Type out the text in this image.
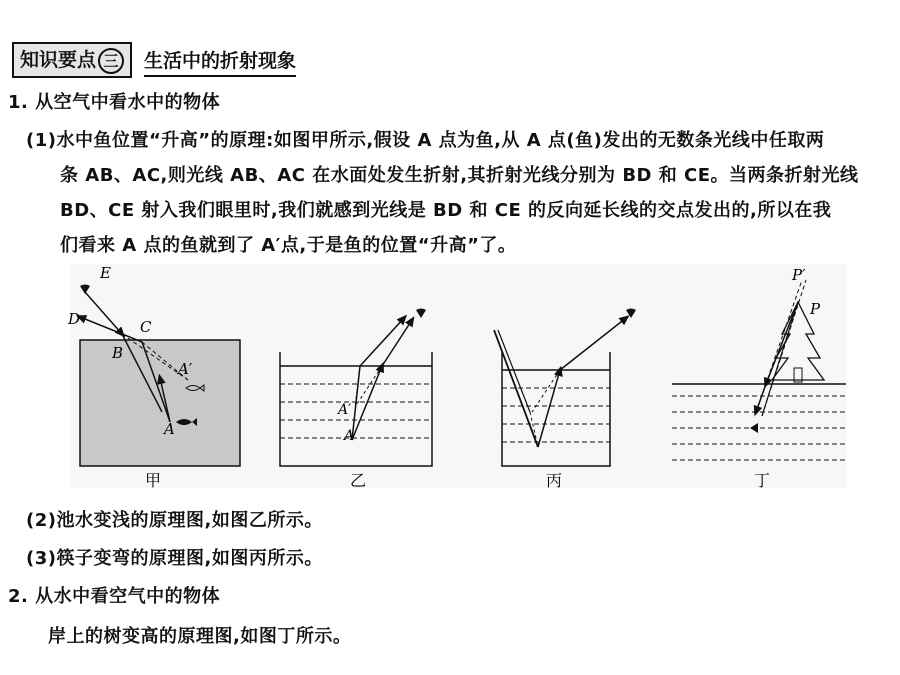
知识要点 三	生活中的折射现象
1. 从空气中看水中的物体
(1)水中鱼位置“升高”的原理:如图甲所示,假设 A 点为鱼,从 A 点(鱼)发出的无数条光线中任取两
条 AB、AC,则光线 AB、AC 在水面处发生折射,其折射光线分别为 BD 和 CE。当两条折射光线
BD、CE 射入我们眼里时,我们就感到光线是 BD 和 CE 的反向延长线的交点发出的,所以在我
们看来 A 点的鱼就到了 A′点,于是鱼的位置“升高”了。
E
D	C
B
A′
A
甲
A′
A
乙	丙
P′
P
丁
(2)池水变浅的原理图,如图乙所示。
(3)筷子变弯的原理图,如图丙所示。
2. 从水中看空气中的物体
岸上的树变高的原理图,如图丁所示。
